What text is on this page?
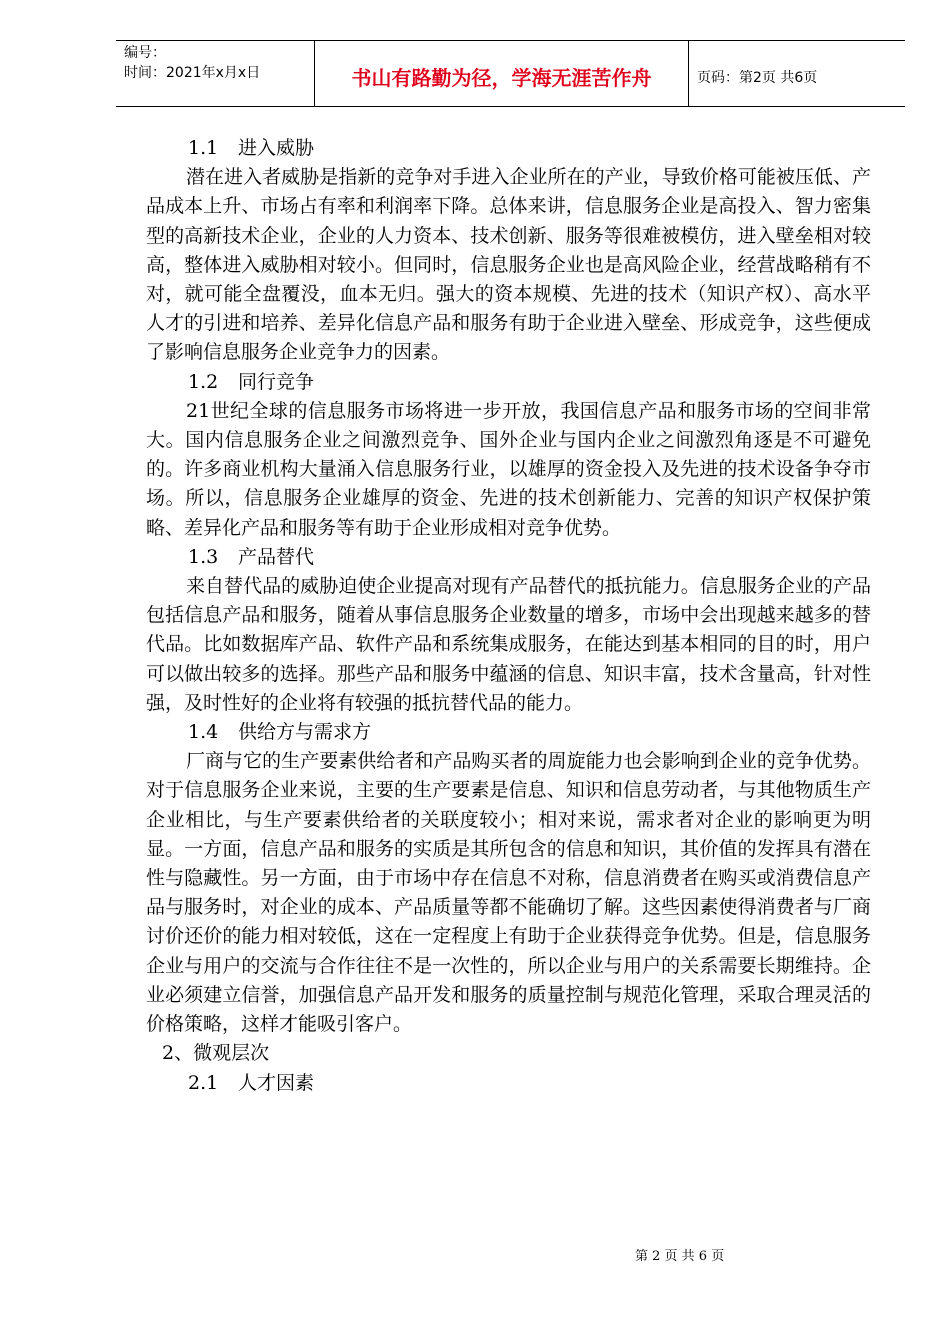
编号：
时间：2021年x月x日	书山有路勤为径，学海无涯苦作舟	页码：第2页 共6页

1.1 进入威胁

潜在进入者威胁是指新的竞争对手进入企业所在的产业，导致价格可能被压低、产品成本上升、市场占有率和利润率下降。总体来讲，信息服务企业是高投入、智力密集型的高新技术企业，企业的人力资本、技术创新、服务等很难被模仿，进入壁垒相对较高，整体进入威胁相对较小。但同时，信息服务企业也是高风险企业，经营战略稍有不对，就可能全盘覆没，血本无归。强大的资本规模、先进的技术（知识产权）、高水平人才的引进和培养、差异化信息产品和服务有助于企业进入壁垒、形成竞争，这些便成了影响信息服务企业竞争力的因素。

1.2 同行竞争

21世纪全球的信息服务市场将进一步开放，我国信息产品和服务市场的空间非常大。国内信息服务企业之间激烈竞争、国外企业与国内企业之间激烈角逐是不可避免的。许多商业机构大量涌入信息服务行业，以雄厚的资金投入及先进的技术设备争夺市场。所以，信息服务企业雄厚的资金、先进的技术创新能力、完善的知识产权保护策略、差异化产品和服务等有助于企业形成相对竞争优势。

1.3 产品替代

来自替代品的威胁迫使企业提高对现有产品替代的抵抗能力。信息服务企业的产品包括信息产品和服务，随着从事信息服务企业数量的增多，市场中会出现越来越多的替代品。比如数据库产品、软件产品和系统集成服务，在能达到基本相同的目的时，用户可以做出较多的选择。那些产品和服务中蕴涵的信息、知识丰富，技术含量高，针对性强，及时性好的企业将有较强的抵抗替代品的能力。

1.4 供给方与需求方

厂商与它的生产要素供给者和产品购买者的周旋能力也会影响到企业的竞争优势。对于信息服务企业来说，主要的生产要素是信息、知识和信息劳动者，与其他物质生产企业相比，与生产要素供给者的关联度较小；相对来说，需求者对企业的影响更为明显。一方面，信息产品和服务的实质是其所包含的信息和知识，其价值的发挥具有潜在性与隐藏性。另一方面，由于市场中存在信息不对称，信息消费者在购买或消费信息产品与服务时，对企业的成本、产品质量等都不能确切了解。这些因素使得消费者与厂商讨价还价的能力相对较低，这在一定程度上有助于企业获得竞争优势。但是，信息服务企业与用户的交流与合作往往不是一次性的，所以企业与用户的关系需要长期维持。企业必须建立信誉，加强信息产品开发和服务的质量控制与规范化管理，采取合理灵活的价格策略，这样才能吸引客户。

2、微观层次

2.1 人才因素

第 2 页 共 6 页
